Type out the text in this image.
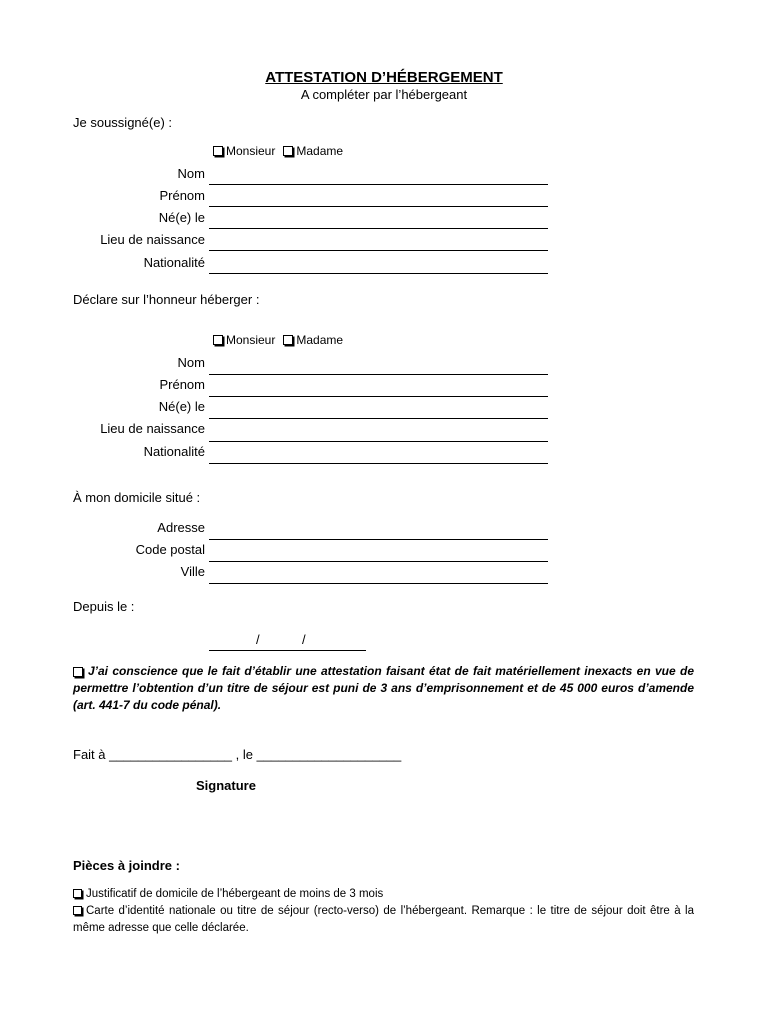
ATTESTATION D’HÉBERGEMENT
A compléter par l’hébergeant
Je soussigné(e) :
Monsieur Madame
Nom
Prénom
Né(e) le
Lieu de naissance
Nationalité
Déclare sur l’honneur héberger :
Monsieur Madame
Nom
Prénom
Né(e) le
Lieu de naissance
Nationalité
À mon domicile situé :
Adresse
Code postal
Ville
Depuis le :
/	/
J’ai conscience que le fait d’établir une attestation faisant état de fait matériellement inexacts en vue de permettre l’obtention d’un titre de séjour est puni de 3 ans d’emprisonnement et de 45 000 euros d’amende (art. 441-7 du code pénal).
Fait à _________________ , le ____________________
Signature
Pièces à joindre :
Justificatif de domicile de l’hébergeant de moins de 3 mois
Carte d’identité nationale ou titre de séjour (recto-verso) de l’hébergeant. Remarque : le titre de séjour doit être à la même adresse que celle déclarée.
